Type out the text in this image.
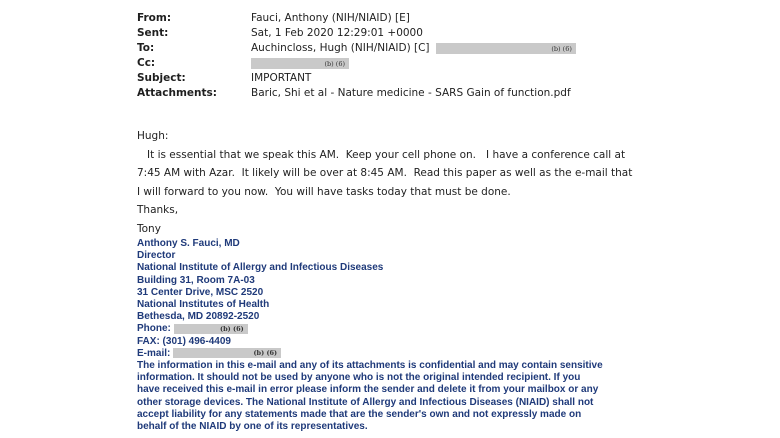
From:	Fauci, Anthony (NIH/NIAID) [E]
Sent:	Sat, 1 Feb 2020 12:29:01 +0000
To:	Auchincloss, Hugh (NIH/NIAID) [C]	(b) (6)
Cc:	(b) (6)
Subject:	IMPORTANT
Attachments:	Baric, Shi et al - Nature medicine - SARS Gain of function.pdf
Hugh:
It is essential that we speak this AM.  Keep your cell phone on.   I have a conference call at
7:45 AM with Azar.  It likely will be over at 8:45 AM.  Read this paper as well as the e-mail that
I will forward to you now.  You will have tasks today that must be done.
Thanks,
Tony
Anthony S. Fauci, MD
Director
National Institute of Allergy and Infectious Diseases
Building 31, Room 7A-03
31 Center Drive, MSC 2520
National Institutes of Health
Bethesda, MD 20892-2520
Phone:	(b) (6)
FAX: (301) 496-4409
E-mail:	(b) (6)
The information in this e-mail and any of its attachments is confidential and may contain sensitive
information. It should not be used by anyone who is not the original intended recipient. If you
have received this e-mail in error please inform the sender and delete it from your mailbox or any
other storage devices. The National Institute of Allergy and Infectious Diseases (NIAID) shall not
accept liability for any statements made that are the sender's own and not expressly made on
behalf of the NIAID by one of its representatives.
